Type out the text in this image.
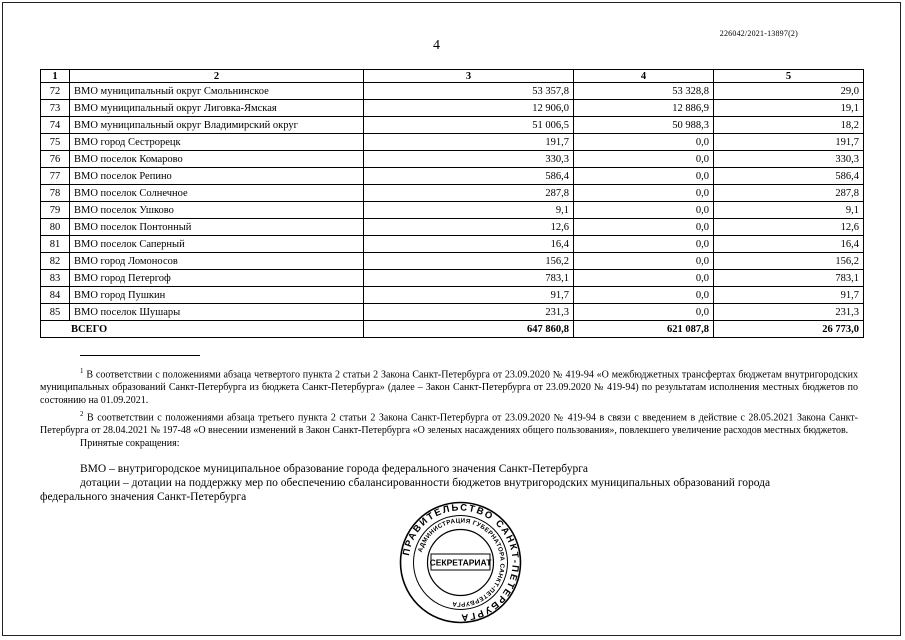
226042/2021-13897(2)
4
1	2	3	4	5
72	ВМО муниципальный округ Смольнинское	53 357,8	53 328,8	29,0
73	ВМО муниципальный округ Лиговка-Ямская	12 906,0	12 886,9	19,1
74	ВМО муниципальный округ Владимирский округ	51 006,5	50 988,3	18,2
75	ВМО город Сестрорецк	191,7	0,0	191,7
76	ВМО поселок Комарово	330,3	0,0	330,3
77	ВМО поселок Репино	586,4	0,0	586,4
78	ВМО поселок Солнечное	287,8	0,0	287,8
79	ВМО поселок Ушково	9,1	0,0	9,1
80	ВМО поселок Понтонный	12,6	0,0	12,6
81	ВМО поселок Саперный	16,4	0,0	16,4
82	ВМО город Ломоносов	156,2	0,0	156,2
83	ВМО город Петергоф	783,1	0,0	783,1
84	ВМО город Пушкин	91,7	0,0	91,7
85	ВМО поселок Шушары	231,3	0,0	231,3
ВСЕГО		647 860,8	621 087,8	26 773,0

$^1$ В соответствии с положениями абзаца четвертого пункта 2 статьи 2 Закона Санкт-Петербурга от 23.09.2020 № 419-94 «О межбюджетных трансфертах бюджетам внутригородских муниципальных образований Санкт-Петербурга из бюджета Санкт-Петербурга» (далее – Закон Санкт-Петербурга от 23.09.2020 № 419-94) по результатам исполнения местных бюджетов по состоянию на 01.09.2021.

$^2$ В соответствии с положениями абзаца третьего пункта 2 статьи 2 Закона Санкт-Петербурга от 23.09.2020 № 419-94 в связи с введением в действие с 28.05.2021 Закона Санкт-Петербурга от 28.04.2021 № 197-48 «О внесении изменений в Закон Санкт-Петербурга «О зеленых насаждениях общего пользования», повлекшего увеличение расходов местных бюджетов.

Принятые сокращения:

ВМО – внутригородское муниципальное образование города федерального значения Санкт-Петербурга

дотации – дотации на поддержку мер по обеспечению сбалансированности бюджетов внутригородских муниципальных образований города федерального значения Санкт-Петербурга

ПРАВИТЕЛЬСТВО САНКТ-ПЕТЕРБУРГА
АДМИНИСТРАЦИЯ ГУБЕРНАТОРА САНКТ-ПЕТЕРБУРГА
СЕКРЕТАРИАТ
